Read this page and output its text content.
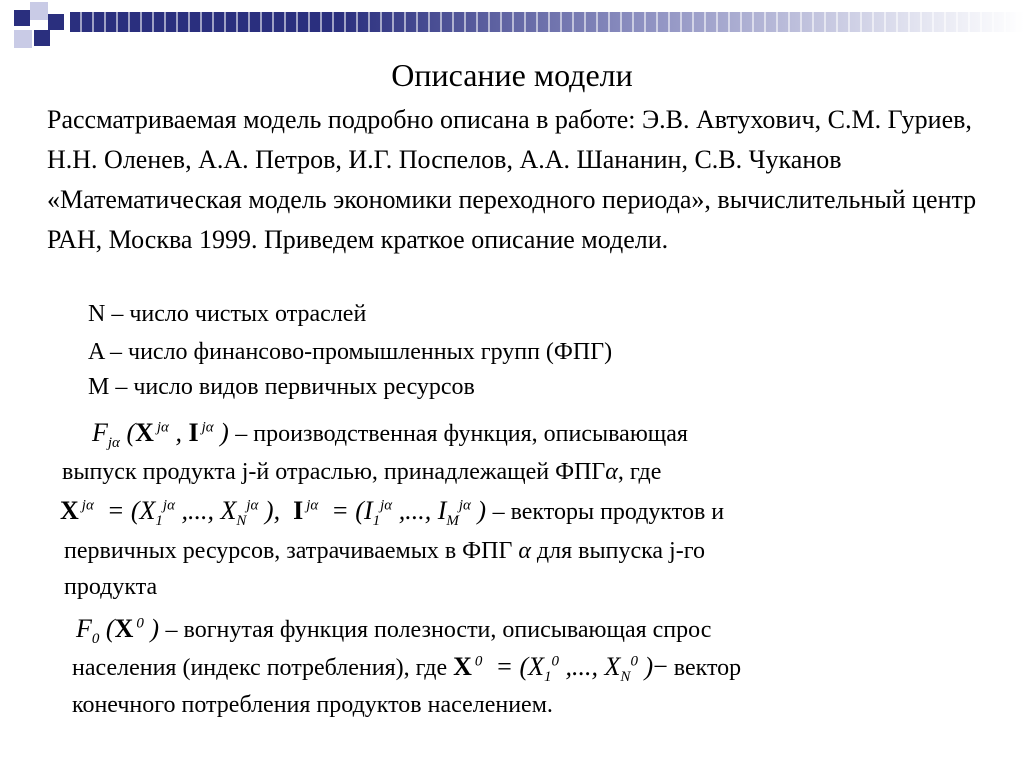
Описание модели

Рассматриваемая модель подробно описана в работе: Э.В. Автухович, С.М. Гуриев, Н.Н. Оленев, А.А. Петров, И.Г. Поспелов, А.А. Шананин, С.В. Чуканов «Математическая модель экономики переходного периода», вычислительный центр РАН, Москва 1999. Приведем краткое описание модели.

N – число чистых отраслей
A – число финансово-промышленных групп (ФПГ)
M – число видов первичных ресурсов
$F_{j\alpha}$ (X $^{j\alpha}$ , I $^{j\alpha}$ ) – производственная функция, описывающая
выпуск продукта j-й отраслью, принадлежащей ФПГα, где
X $^{j\alpha} = (X_1^{j\alpha}$ ,..., $X_N^{j\alpha}$ ),  I $^{j\alpha} = (I_1^{j\alpha}$ ,..., $I_M^{j\alpha}$ ) – векторы продуктов и
первичных ресурсов, затрачиваемых в ФПГ α для выпуска j-го
продукта
$F_0$ (X $^0$ ) – вогнутая функция полезности, описывающая спрос
населения (индекс потребления), где X $^0 = (X_1^0$ ,..., $X_N^0$ )− вектор
конечного потребления продуктов населением.
